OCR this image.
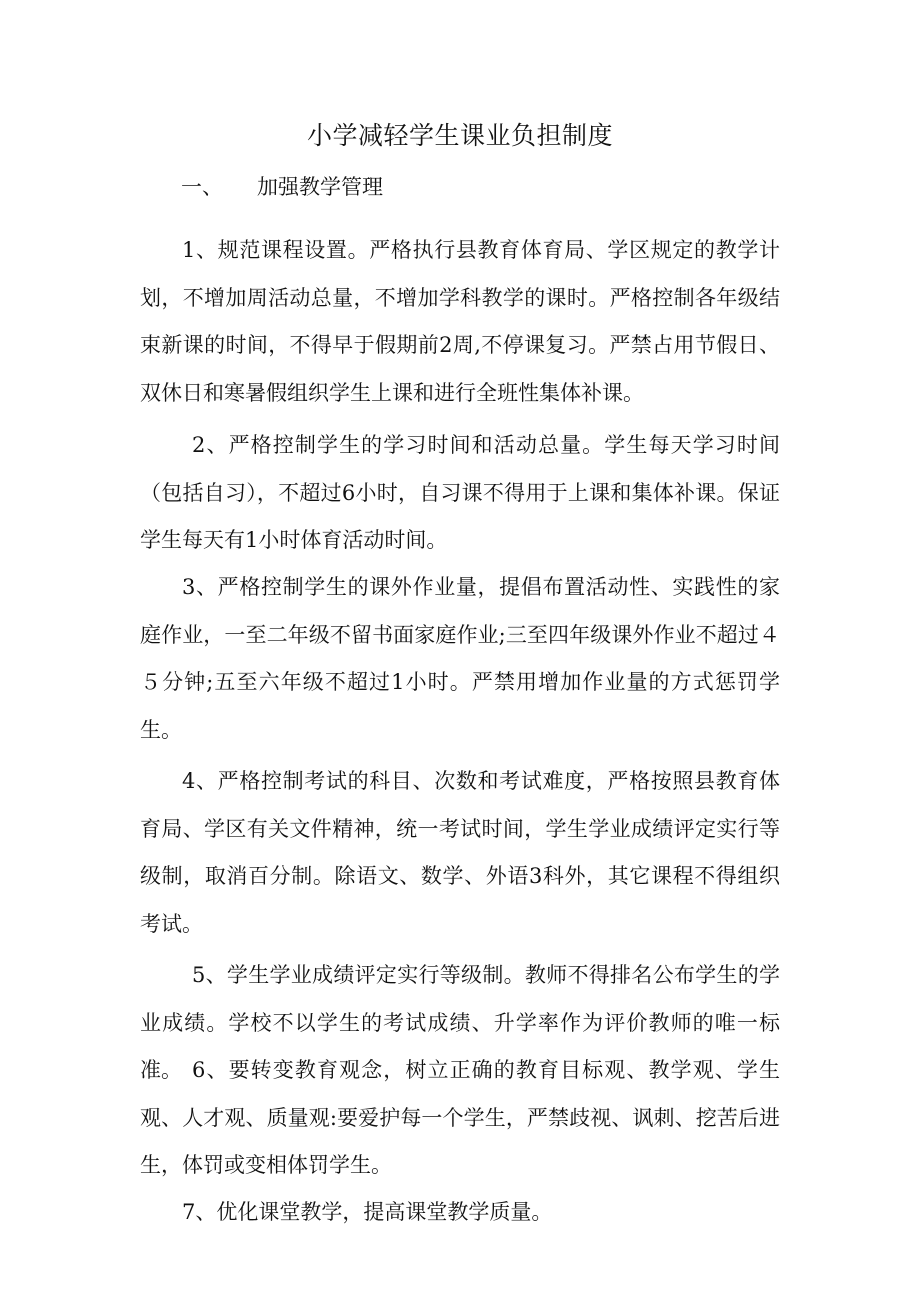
小学减轻学生课业负担制度
一、 加强教学管理

1、规范课程设置。严格执行县教育体育局、学区规定的教学计划，不增加周活动总量，不增加学科教学的课时。严格控制各年级结束新课的时间，不得早于假期前2周,不停课复习。严禁占用节假日、双休日和寒暑假组织学生上课和进行全班性集体补课。

2、严格控制学生的学习时间和活动总量。学生每天学习时间（包括自习），不超过6小时，自习课不得用于上课和集体补课。保证学生每天有1小时体育活动时间。

3、严格控制学生的课外作业量，提倡布置活动性、实践性的家庭作业，一至二年级不留书面家庭作业;三至四年级课外作业不超过４５分钟;五至六年级不超过1小时。严禁用增加作业量的方式惩罚学生。

4、严格控制考试的科目、次数和考试难度，严格按照县教育体育局、学区有关文件精神，统一考试时间，学生学业成绩评定实行等级制，取消百分制。除语文、数学、外语3科外，其它课程不得组织考试。

5、学生学业成绩评定实行等级制。教师不得排名公布学生的学业成绩。学校不以学生的考试成绩、升学率作为评价教师的唯一标准。 6、要转变教育观念，树立正确的教育目标观、教学观、学生观、人才观、质量观:要爱护每一个学生，严禁歧视、讽刺、挖苦后进生，体罚或变相体罚学生。

7、优化课堂教学，提高课堂教学质量。
